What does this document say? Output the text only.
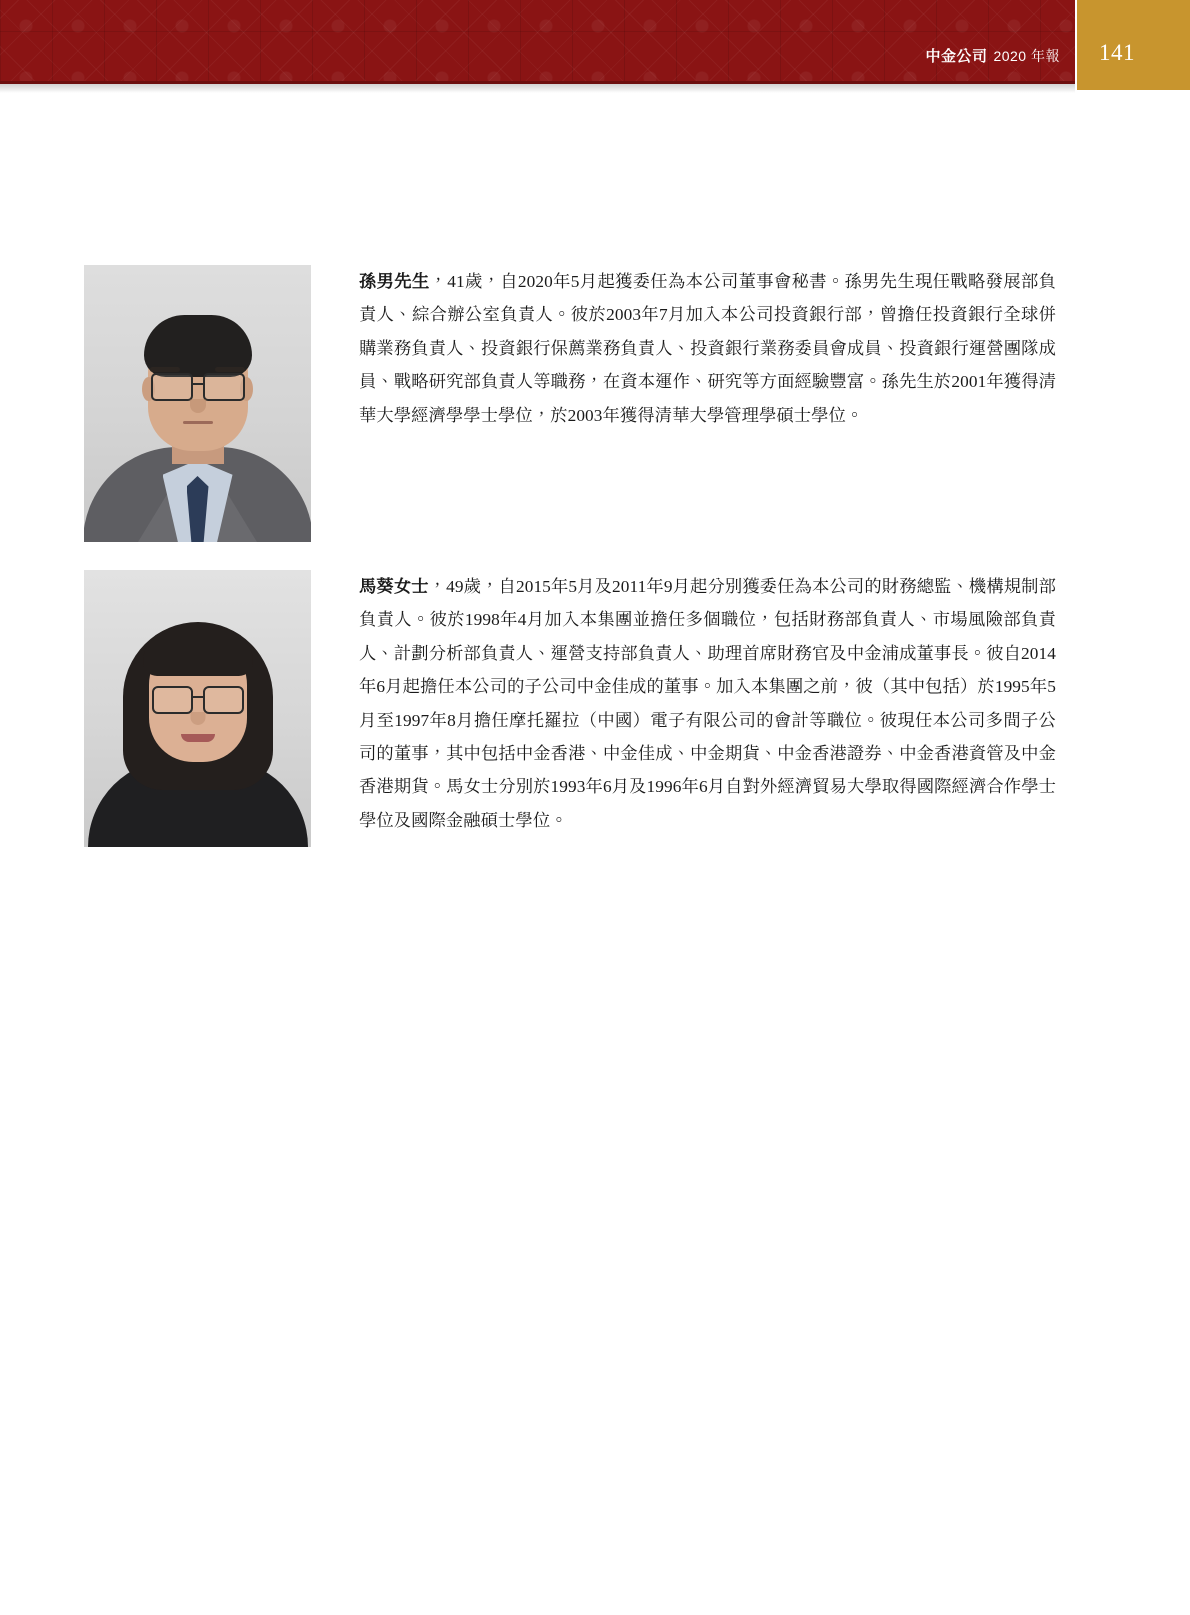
中金公司 2020 年報 141
孫男先生，41歲，自2020年5月起獲委任為本公司董事會秘書。孫男先生現任戰略發展部負責人、綜合辦公室負責人。彼於2003年7月加入本公司投資銀行部，曾擔任投資銀行全球併購業務負責人、投資銀行保薦業務負責人、投資銀行業務委員會成員、投資銀行運營團隊成員、戰略研究部負責人等職務，在資本運作、研究等方面經驗豐富。孫先生於2001年獲得清華大學經濟學學士學位，於2003年獲得清華大學管理學碩士學位。
馬葵女士，49歲，自2015年5月及2011年9月起分別獲委任為本公司的財務總監、機構規制部負責人。彼於1998年4月加入本集團並擔任多個職位，包括財務部負責人、市場風險部負責人、計劃分析部負責人、運營支持部負責人、助理首席財務官及中金浦成董事長。彼自2014年6月起擔任本公司的子公司中金佳成的董事。加入本集團之前，彼（其中包括）於1995年5月至1997年8月擔任摩托羅拉（中國）電子有限公司的會計等職位。彼現任本公司多間子公司的董事，其中包括中金香港、中金佳成、中金期貨、中金香港證券、中金香港資管及中金香港期貨。馬女士分別於1993年6月及1996年6月自對外經濟貿易大學取得國際經濟合作學士學位及國際金融碩士學位。
